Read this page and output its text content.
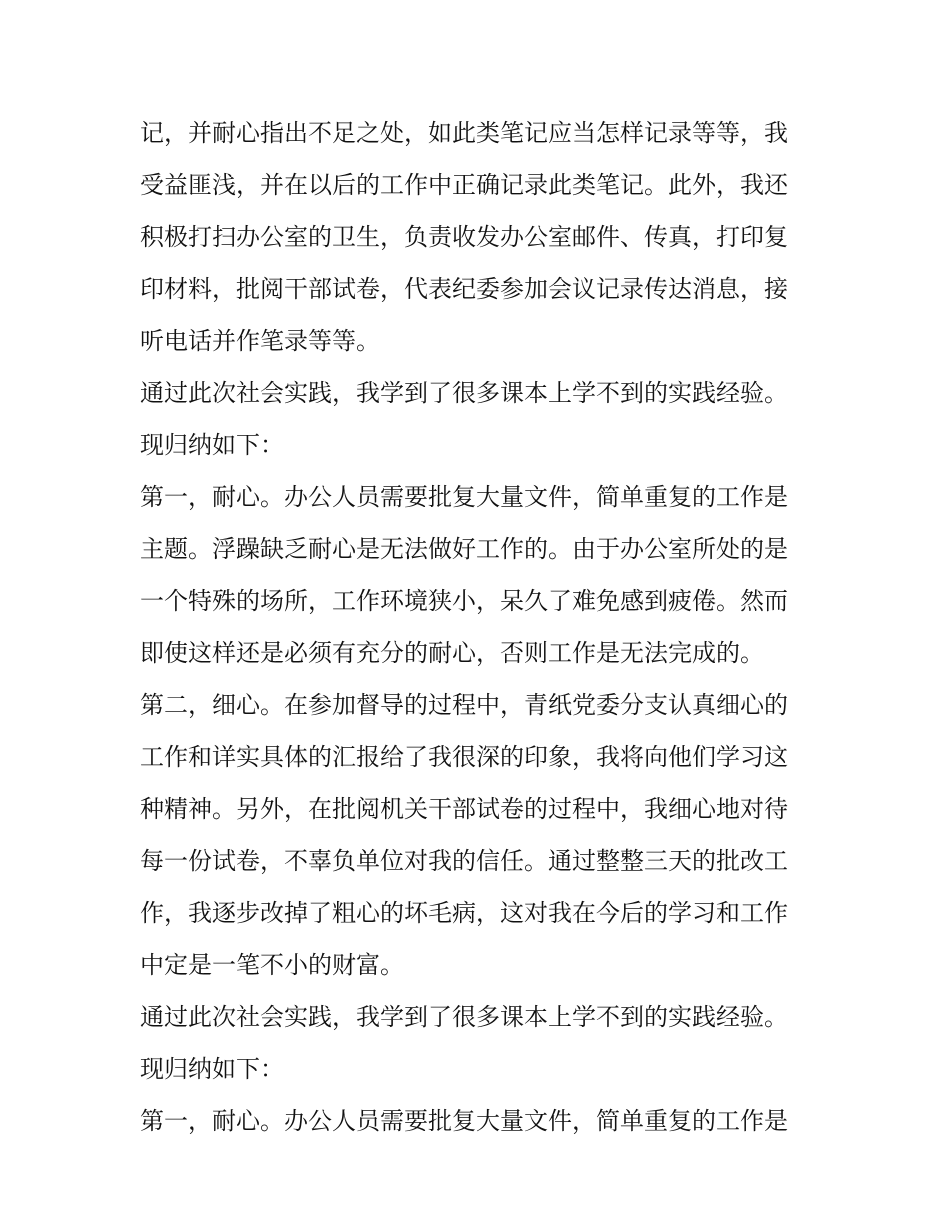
记，并耐心指出不足之处，如此类笔记应当怎样记录等等，我
受益匪浅，并在以后的工作中正确记录此类笔记。此外，我还
积极打扫办公室的卫生，负责收发办公室邮件、传真，打印复
印材料，批阅干部试卷，代表纪委参加会议记录传达消息，接
听电话并作笔录等等。
通过此次社会实践，我学到了很多课本上学不到的实践经验。
现归纳如下：
第一，耐心。办公人员需要批复大量文件，简单重复的工作是
主题。浮躁缺乏耐心是无法做好工作的。由于办公室所处的是
一个特殊的场所，工作环境狭小，呆久了难免感到疲倦。然而
即使这样还是必须有充分的耐心，否则工作是无法完成的。
第二，细心。在参加督导的过程中，青纸党委分支认真细心的
工作和详实具体的汇报给了我很深的印象，我将向他们学习这
种精神。另外，在批阅机关干部试卷的过程中，我细心地对待
每一份试卷，不辜负单位对我的信任。通过整整三天的批改工
作，我逐步改掉了粗心的坏毛病，这对我在今后的学习和工作
中定是一笔不小的财富。
通过此次社会实践，我学到了很多课本上学不到的实践经验。
现归纳如下：
第一，耐心。办公人员需要批复大量文件，简单重复的工作是
